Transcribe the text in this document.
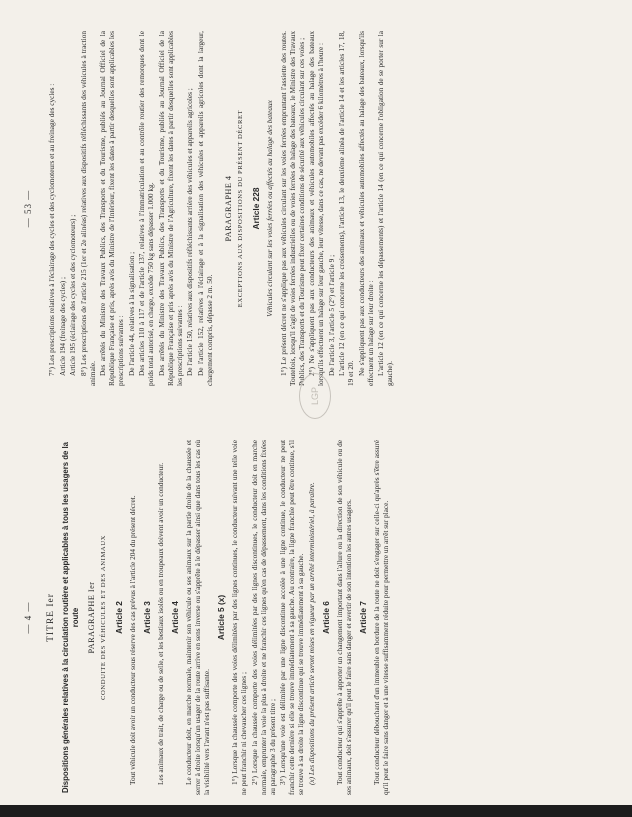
— 4 — TITRE Ier Dispositions générales relatives à la circulation routière et applicables à tous les usagers de la route PARAGRAPHE Ier CONDUITE DES VÉHICULES ET DES ANIMAUX Article 2 Tout véhicule doit avoir un conducteur sous réserve des cas prévus à l'article 204 du présent décret. Article 3 Les animaux de trait, de charge ou de selle, et les bestiaux isolés ou en troupeaux doivent avoir un conducteur. Article 4 Le conducteur doit, en marche normale, maintenir son véhicule ou ses animaux sur la partie droite de la chaussée et serrer à droite lorsqu'un usager de la route arrive en sens inverse ou s'apprête à le dépasser ainsi que dans tous les cas où la visibilité vers l'avant n'est pas suffisante.

Article 5 (x) 1°) Lorsque la chaussée comporte des voies délimitées par des lignes continues, le conducteur suivant une telle voie ne peut franchir ni chevaucher ces lignes ; 2°) Lorsque la chaussée comporte des voies délimitées par des lignes discontinues, le conducteur doit en marche normale, emprunter la voie la plus à droite et ne franchir ces lignes qu'en cas de dépassement, dans les conditions fixées au paragraphe 3 du présent titre ; 3°) Lorsqu'une voie est délimitée par une ligne discontinue accolée à une ligne continue, le conducteur ne peut franchir cette dernière si elle se trouve immédiatement à sa gauche. Au contraire, la ligne franchie peut être continue, s'il se trouve à sa droite la ligne discontinue qui se trouve immédiatement à sa gauche. (x) Les dispositions du présent article seront mises en vigueur par un arrêté interministériel, à paraître. Article 6 Tout conducteur qui s'apprête à apporter un changement important dans l'allure ou la direction de son véhicule ou de ses animaux, doit s'assurer qu'il peut le faire sans danger et avertir de son intention les autres usagers. Article 7 Tout conducteur débouchant d'un immeuble en bordure de la route ne doit s'engager sur celle-ci qu'après s'être assuré qu'il peut le faire sans danger et à une vitesse suffisamment réduite pour permettre un arrêt sur place.

— 53 — 7°) Les prescriptions relatives à l'éclairage des cycles et des cyclomoteurs et au freinage des cycles : Article 194 (freinage des cycles) ; Article 195 (éclairage des cycles et des cyclomoteurs) ; 8°) Les prescriptions de l'article 215 (1er et 2e alinéas) relatives aux dispositifs réfléchissants des véhicules à traction animale. Des arrêtés du Ministre des Travaux Publics, des Transports et du Tourisme, publiés au Journal Officiel de la République Française et pris, après avis du Ministre de l'Intérieur, fixent les dates à partir desquelles sont applicables les prescriptions suivantes : De l'article 44, relatives à la signalisation ; Des articles 110 à 117 et de l'article 137, relatives à l'immatriculation et au contrôle routier des remorques dont le poids total autorisé, en charge, excède 750 kg sans dépasser 1.000 kg. Des arrêtés du Ministre des Travaux Publics, des Transports et du Tourisme, publiés au Journal Officiel de la République Française et pris après avis du Ministre de l'Agriculture, fixent les dates à partir desquelles sont applicables les prescriptions suivantes : De l'article 150, relatives aux dispositifs réfléchissants arrière des véhicules et appareils agricoles ; De l'article 152, relatives à l'éclairage et à la signalisation des véhicules et appareils agricoles dont la largeur, chargement compris, dépasse 2 m. 50.

PARAGRAPHE 4 EXCEPTIONS AUX DISPOSITIONS DU PRÉSENT DÉCRET Article 228 Véhicules circulant sur les voies ferrées ou affectés au halage des bateaux 1°) Le présent décret ne s'applique pas aux véhicules circulant sur les voies ferrées empruntant l'assiette des routes. Toutefois, lorsqu'il s'agit de voies ferrées industrielles ou de voies ferrées de halage des bateaux, le Ministre des Travaux Publics, des Transports et du Tourisme peut fixer certaines conditions de sécurité aux véhicules circulant sur ces voies ; 2°) Ne s'appliquent pas aux conducteurs des animaux et véhicules automobiles affectés au halage des bateaux lorsqu'ils effectuent un halage sur leur gauche, leur vitesse, dans ce cas, ne devant pas excéder 6 kilomètres à l'heure : De l'article 3, l'article 5 (2°) et l'article 9 ; L'article 12 (en ce qui concerne les croisements), l'article 13, le deuxième alinéa de l'article 14 et les articles 17, 18, 19 et 20. Ne s'appliquent pas aux conducteurs des animaux et véhicules automobiles affectés au halage des bateaux, lorsqu'ils effectuent un halage sur leur droite : L'article 12 (en ce qui concerne les dépassements) et l'article 14 (en ce qui concerne l'obligation de se porter sur la gauche).

LGP
